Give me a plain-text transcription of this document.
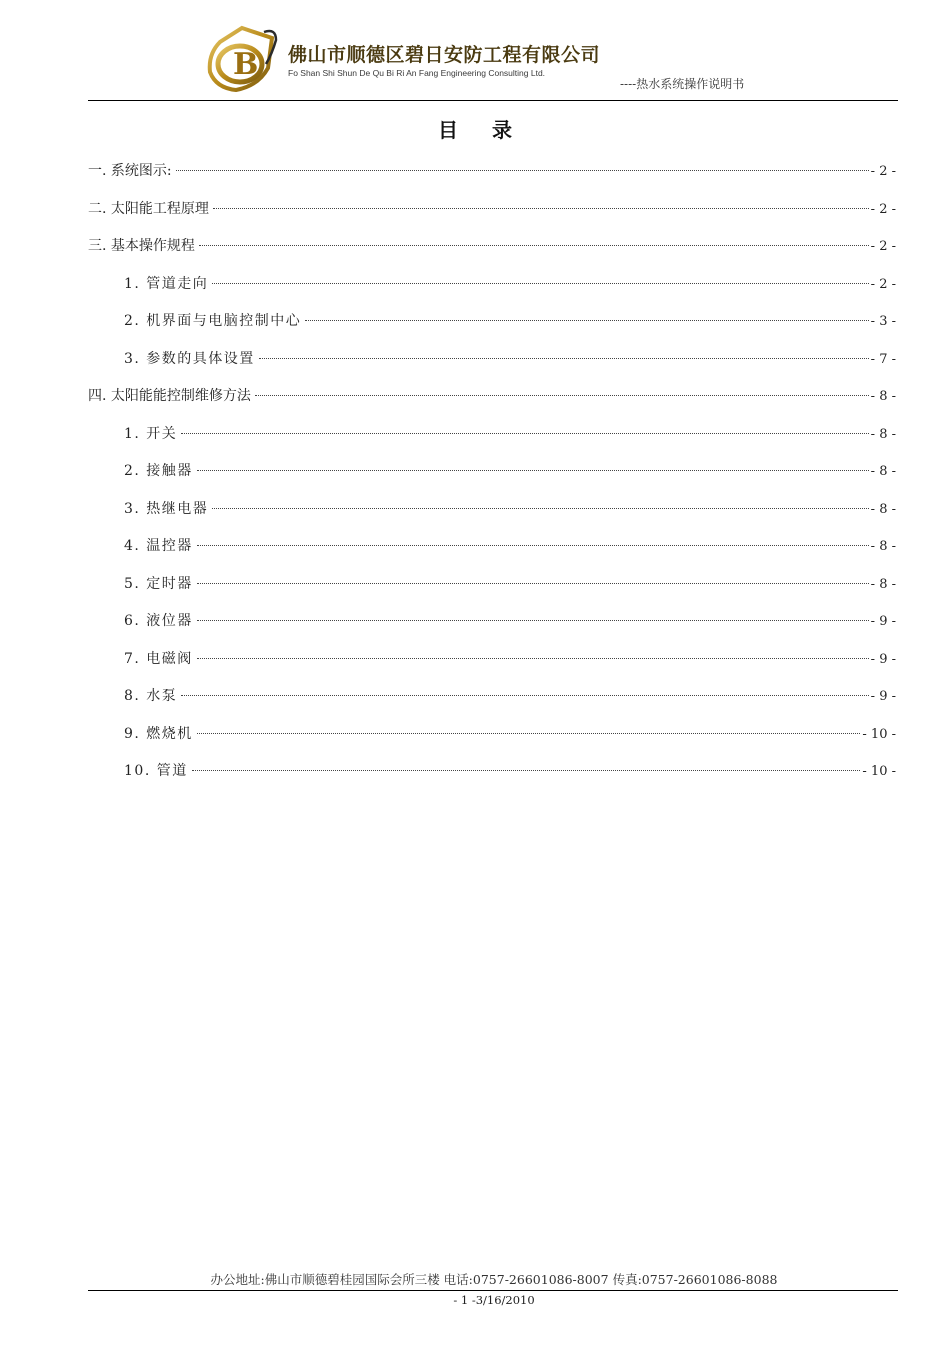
B 佛山市顺德区碧日安防工程有限公司
Fo Shan Shi Shun De Qu Bi Ri An Fang Engineering Consulting Ltd.
----热水系统操作说明书
目录
一. 系统图示:	- 2 -
二. 太阳能工程原理	- 2 -
三. 基本操作规程	- 2 -
1. 管道走向	- 2 -
2. 机界面与电脑控制中心	- 3 -
3. 参数的具体设置	- 7 -
四. 太阳能能控制维修方法	- 8 -
1. 开关	- 8 -
2. 接触器	- 8 -
3. 热继电器	- 8 -
4. 温控器	- 8 -
5. 定时器	- 8 -
6. 液位器	- 9 -
7. 电磁阀	- 9 -
8. 水泵	- 9 -
9. 燃烧机	- 10 -
10. 管道	- 10 -
办公地址:佛山市顺德碧桂园国际会所三楼 电话:0757-26601086-8007 传真:0757-26601086-8088
- 1 -3/16/2010
